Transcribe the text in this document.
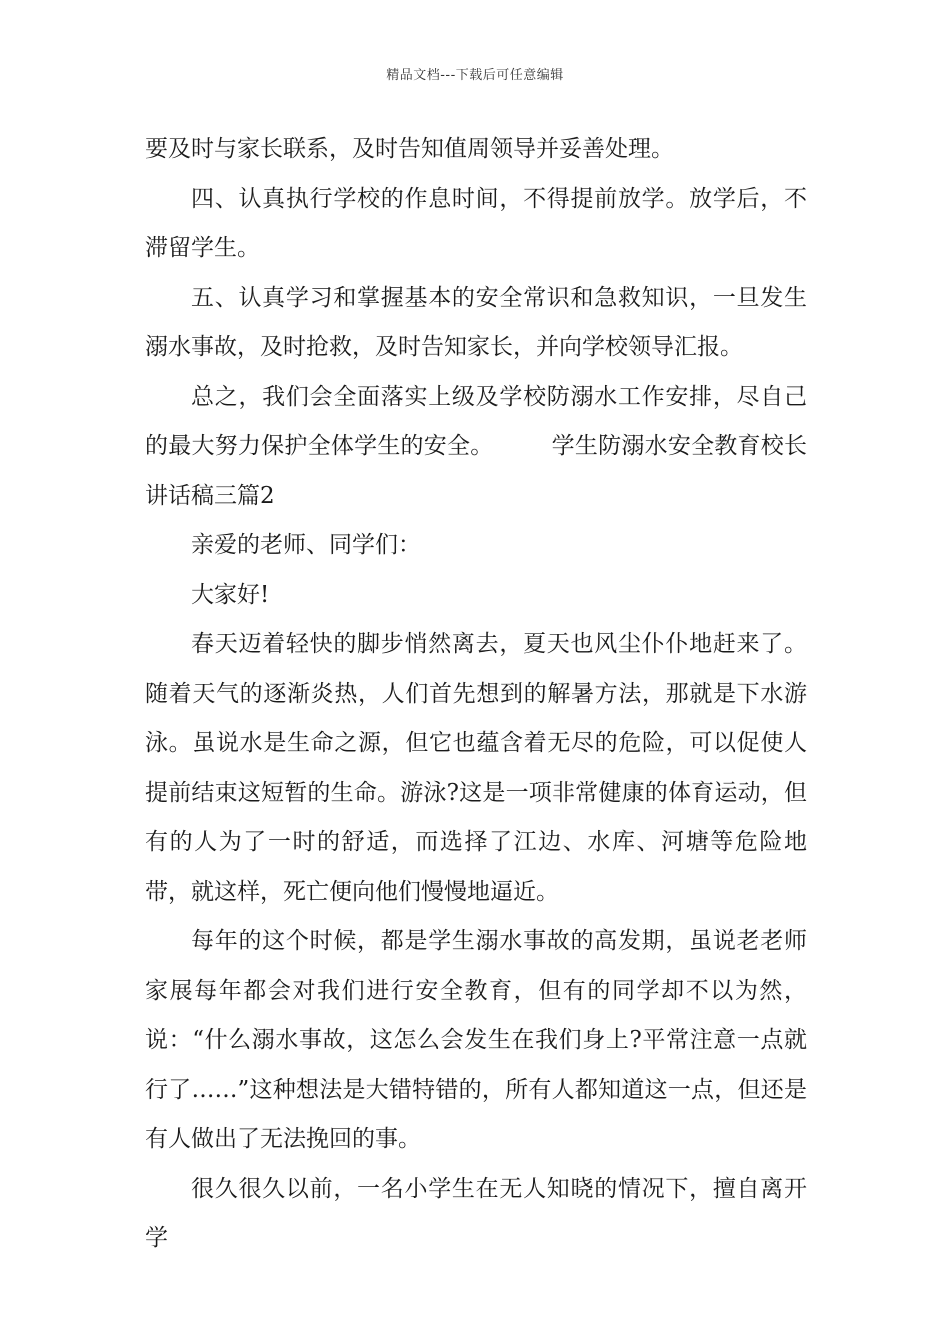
精品文档---下载后可任意编辑

要及时与家长联系，及时告知值周领导并妥善处理。

四、认真执行学校的作息时间，不得提前放学。放学后，不滞留学生。

五、认真学习和掌握基本的安全常识和急救知识，一旦发生溺水事故，及时抢救，及时告知家长，并向学校领导汇报。

总之，我们会全面落实上级及学校防溺水工作安排，尽自己的最大努力保护全体学生的安全。　　　学生防溺水安全教育校长讲话稿三篇2

亲爱的老师、同学们：

大家好!

春天迈着轻快的脚步悄然离去，夏天也风尘仆仆地赶来了。随着天气的逐渐炎热，人们首先想到的解暑方法，那就是下水游泳。虽说水是生命之源，但它也蕴含着无尽的危险，可以促使人提前结束这短暂的生命。游泳?这是一项非常健康的体育运动，但有的人为了一时的舒适，而选择了江边、水库、河塘等危险地带，就这样，死亡便向他们慢慢地逼近。

每年的这个时候，都是学生溺水事故的高发期，虽说老老师家展每年都会对我们进行安全教育，但有的同学却不以为然，说：“什么溺水事故，这怎么会发生在我们身上?平常注意一点就行了……”这种想法是大错特错的，所有人都知道这一点，但还是有人做出了无法挽回的事。

很久很久以前，一名小学生在无人知晓的情况下，擅自离开学
